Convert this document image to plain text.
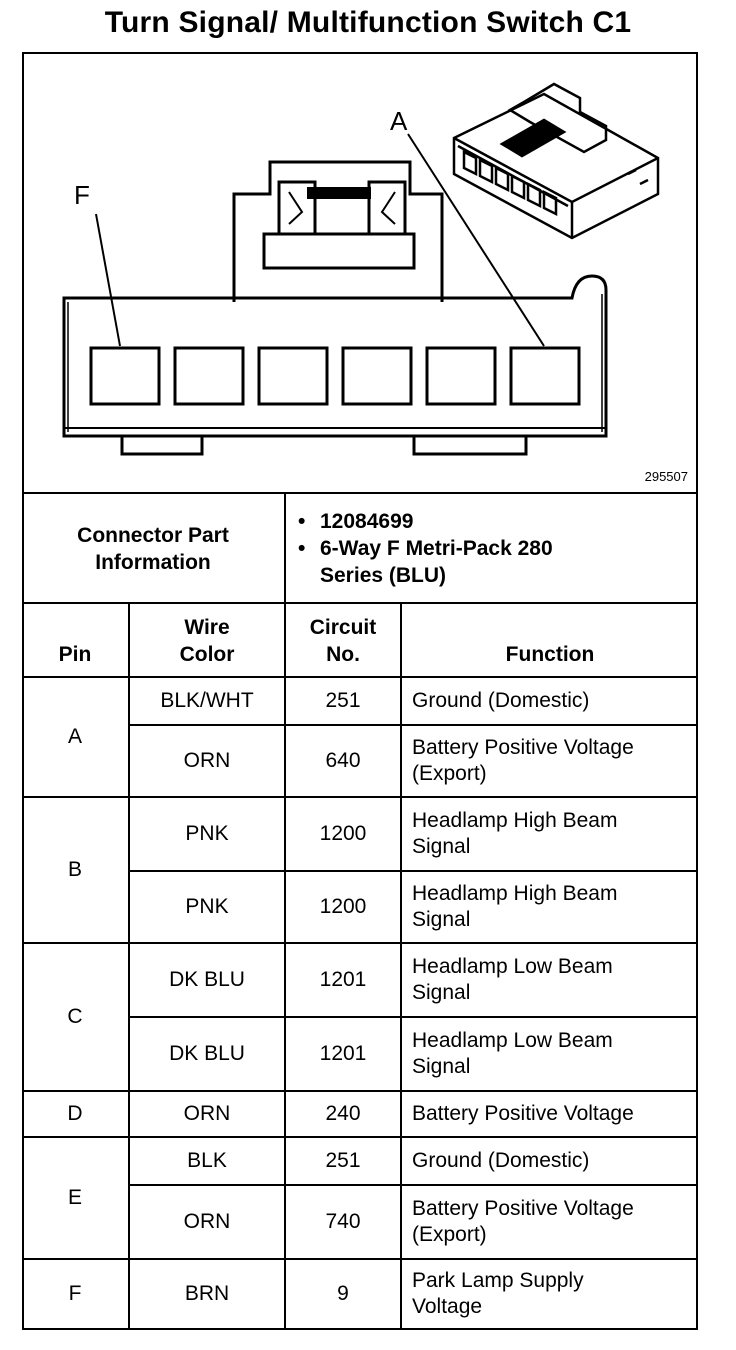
Turn Signal/ Multifunction Switch C1
F
A
295507
Connector Part Information
• 12084699
• 6-Way F Metri-Pack 280 Series (BLU)
Pin	Wire Color	Circuit No.	Function
A	BLK/WHT	251	Ground (Domestic)
	ORN	640	Battery Positive Voltage (Export)

B	PNK	1200	Headlamp High Beam Signal

	PNK	1200	Headlamp High Beam Signal

C	DK BLU	1201	Headlamp Low Beam Signal

	DK BLU	1201	Headlamp Low Beam Signal

D	ORN	240	Battery Positive Voltage
E	BLK	251	Ground (Domestic)
	ORN	740	Battery Positive Voltage (Export)

F	BRN	9	Park Lamp Supply Voltage
